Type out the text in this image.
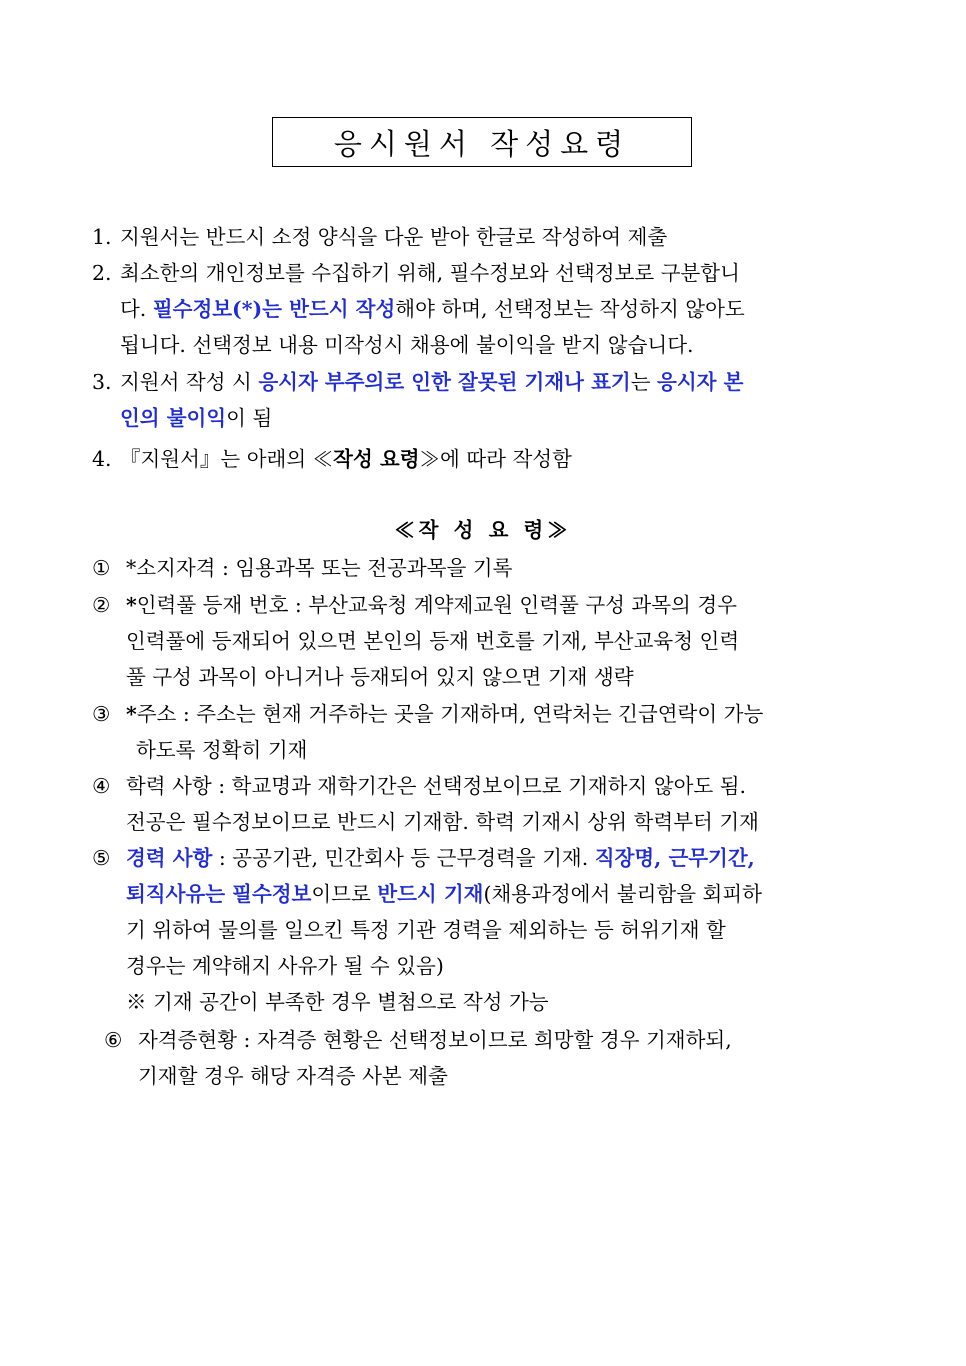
응시원서 작성요령
1. 지원서는 반드시 소정 양식을 다운 받아 한글로 작성하여 제출
2. 최소한의 개인정보를 수집하기 위해, 필수정보와 선택정보로 구분합니
다. 필수정보(*)는 반드시 작성해야 하며, 선택정보는 작성하지 않아도
됩니다. 선택정보 내용 미작성시 채용에 불이익을 받지 않습니다.
3. 지원서 작성 시 응시자 부주의로 인한 잘못된 기재나 표기는 응시자 본
인의 불이익이 됨
4. 『지원서』는 아래의 ≪작성 요령≫에 따라 작성함
≪작 성 요 령≫
① *소지자격 : 임용과목 또는 전공과목을 기록
② *인력풀 등재 번호 : 부산교육청 계약제교원 인력풀 구성 과목의 경우
인력풀에 등재되어 있으면 본인의 등재 번호를 기재, 부산교육청 인력
풀 구성 과목이 아니거나 등재되어 있지 않으면 기재 생략
③ *주소 : 주소는 현재 거주하는 곳을 기재하며, 연락처는 긴급연락이 가능
하도록 정확히 기재
④ 학력 사항 : 학교명과 재학기간은 선택정보이므로 기재하지 않아도 됨.
전공은 필수정보이므로 반드시 기재함. 학력 기재시 상위 학력부터 기재
⑤ 경력 사항 : 공공기관, 민간회사 등 근무경력을 기재. 직장명, 근무기간,
퇴직사유는 필수정보이므로 반드시 기재(채용과정에서 불리함을 회피하
기 위하여 물의를 일으킨 특정 기관 경력을 제외하는 등 허위기재 할
경우는 계약해지 사유가 될 수 있음)
※ 기재 공간이 부족한 경우 별첨으로 작성 가능
⑥ 자격증현황 : 자격증 현황은 선택정보이므로 희망할 경우 기재하되,
기재할 경우 해당 자격증 사본 제출
